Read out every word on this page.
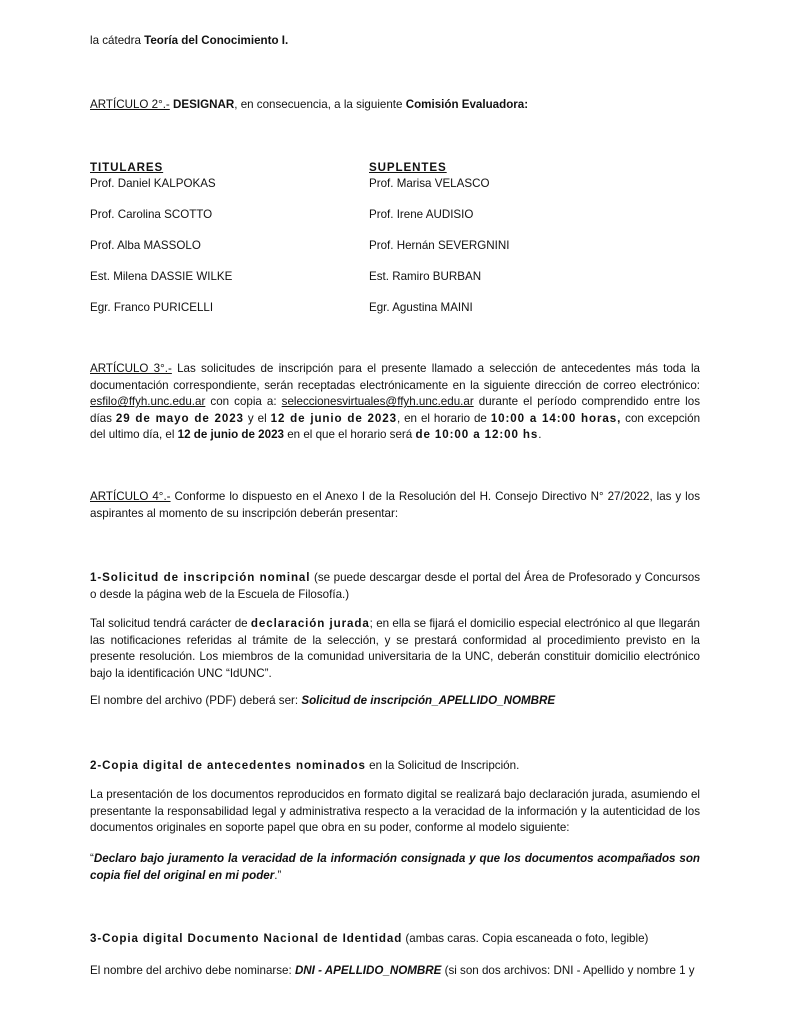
la cátedra Teoría del Conocimiento I.
ARTÍCULO 2°.- DESIGNAR, en consecuencia, a la siguiente Comisión Evaluadora:
TITULARES	SUPLENTES
Prof. Daniel KALPOKAS
Prof. Carolina SCOTTO
Prof. Alba MASSOLO
Est. Milena DASSIE WILKE
Egr. Franco PURICELLI
Prof. Marisa VELASCO
Prof. Irene AUDISIO
Prof. Hernán SEVERGNINI
Est. Ramiro BURBAN
Egr. Agustina MAINI
ARTÍCULO 3°.- Las solicitudes de inscripción para el presente llamado a selección de antecedentes más toda la documentación correspondiente, serán receptadas electrónicamente en la siguiente dirección de correo electrónico: esfilo@ffyh.unc.edu.ar con copia a: seleccionesvirtuales@ffyh.unc.edu.ar durante el período comprendido entre los días 29 de mayo de 2023 y el 12 de junio de 2023, en el horario de 10:00 a 14:00 horas, con excepción del ultimo día, el 12 de junio de 2023 en el que el horario será de 10:00 a 12:00 hs.
ARTÍCULO 4°.- Conforme lo dispuesto en el Anexo I de la Resolución del H. Consejo Directivo N° 27/2022, las y los aspirantes al momento de su inscripción deberán presentar:
1-Solicitud de inscripción nominal (se puede descargar desde el portal del Área de Profesorado y Concursos o desde la página web de la Escuela de Filosofía.)
Tal solicitud tendrá carácter de declaración jurada; en ella se fijará el domicilio especial electrónico al que llegarán las notificaciones referidas al trámite de la selección, y se prestará conformidad al procedimiento previsto en la presente resolución. Los miembros de la comunidad universitaria de la UNC, deberán constituir domicilio electrónico bajo la identificación UNC “IdUNC”.
El nombre del archivo (PDF) deberá ser: Solicitud de inscripción_APELLIDO_NOMBRE
2-Copia digital de antecedentes nominados en la Solicitud de Inscripción.
La presentación de los documentos reproducidos en formato digital se realizará bajo declaración jurada, asumiendo el presentante la responsabilidad legal y administrativa respecto a la veracidad de la información y la autenticidad de los documentos originales en soporte papel que obra en su poder, conforme al modelo siguiente:
“Declaro bajo juramento la veracidad de la información consignada y que los documentos acompañados son copia fiel del original en mi poder.”
3-Copia digital Documento Nacional de Identidad (ambas caras. Copia escaneada o foto, legible)
El nombre del archivo debe nominarse: DNI - APELLIDO_NOMBRE (si son dos archivos: DNI - Apellido y nombre 1 y
